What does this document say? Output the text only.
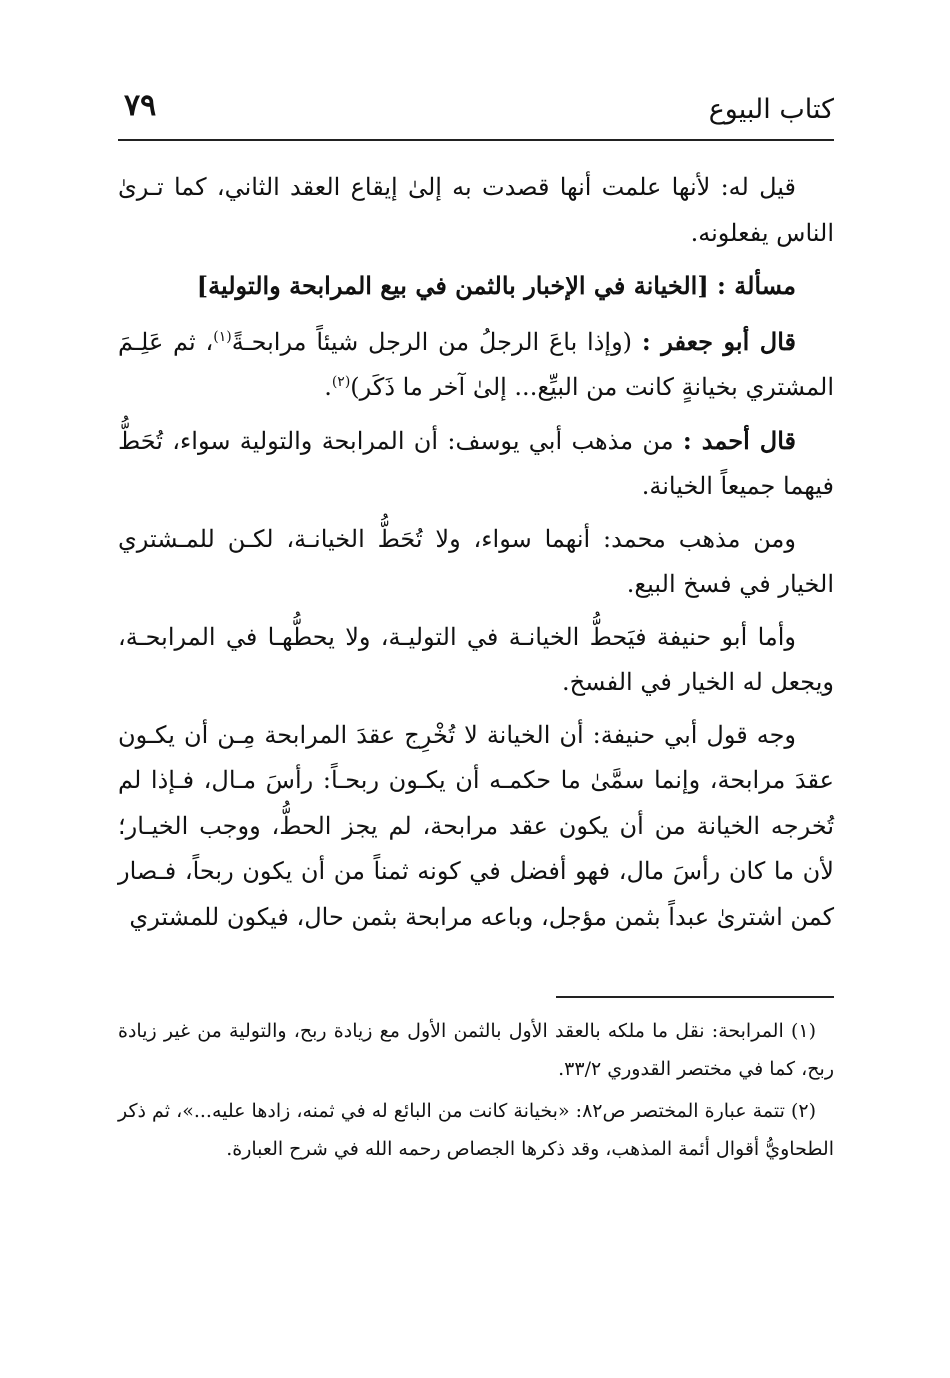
كتاب البيوع
٧٩

قيل له: لأنها علمت أنها قصدت به إلىٰ إيقاع العقد الثاني، كما تـرىٰ الناس يفعلونه.

مسألة : [الخيانة في الإخبار بالثمن في بيع المرابحة والتولية]

قال أبو جعفر : (وإذا باعَ الرجلُ من الرجل شيئاً مرابحـةً$^{(١)}$، ثم عَلِـمَ المشتري بخيانةٍ كانت من البيِّع... إلىٰ آخر ما ذَكَر)$^{(٢)}$.

قال أحمد : من مذهب أبي يوسف: أن المرابحة والتولية سواء، تُحَطُّ فيهما جميعاً الخيانة.

ومن مذهب محمد: أنهما سواء، ولا تُحَطُّ الخيانـة، لكـن للمـشتري الخيار في فسخ البيع.

وأما أبو حنيفة فيَحطُّ الخيانـة في التوليـة، ولا يحطُّهـا في المرابحـة، ويجعل له الخيار في الفسخ.

وجه قول أبي حنيفة: أن الخيانة لا تُخْرِج عقدَ المرابحة مِـن أن يكـون عقدَ مرابحة، وإنما سمَّىٰ ما حكمـه أن يكـون ربحـاً: رأسَ مـال، فـإذا لم تُخرجه الخيانة من أن يكون عقد مرابحة، لم يجز الحطُّ، ووجب الخيـار؛ لأن ما كان رأسَ مال، فهو أفضل في كونه ثمناً من أن يكون ربحاً، فـصار كمن اشترىٰ عبداً بثمن مؤجل، وباعه مرابحة بثمن حال، فيكون للمشتري

(١) المرابحة: نقل ما ملكه بالعقد الأول بالثمن الأول مع زيادة ربح، والتولية من غير زيادة ربح، كما في مختصر القدوري ٣٣/٢.

(٢) تتمة عبارة المختصر ص٨٢: «بخيانة كانت من البائع له في ثمنه، زادها عليه...»، ثم ذكر الطحاويُّ أقوال أئمة المذهب، وقد ذكرها الجصاص رحمه الله في شرح العبارة.
